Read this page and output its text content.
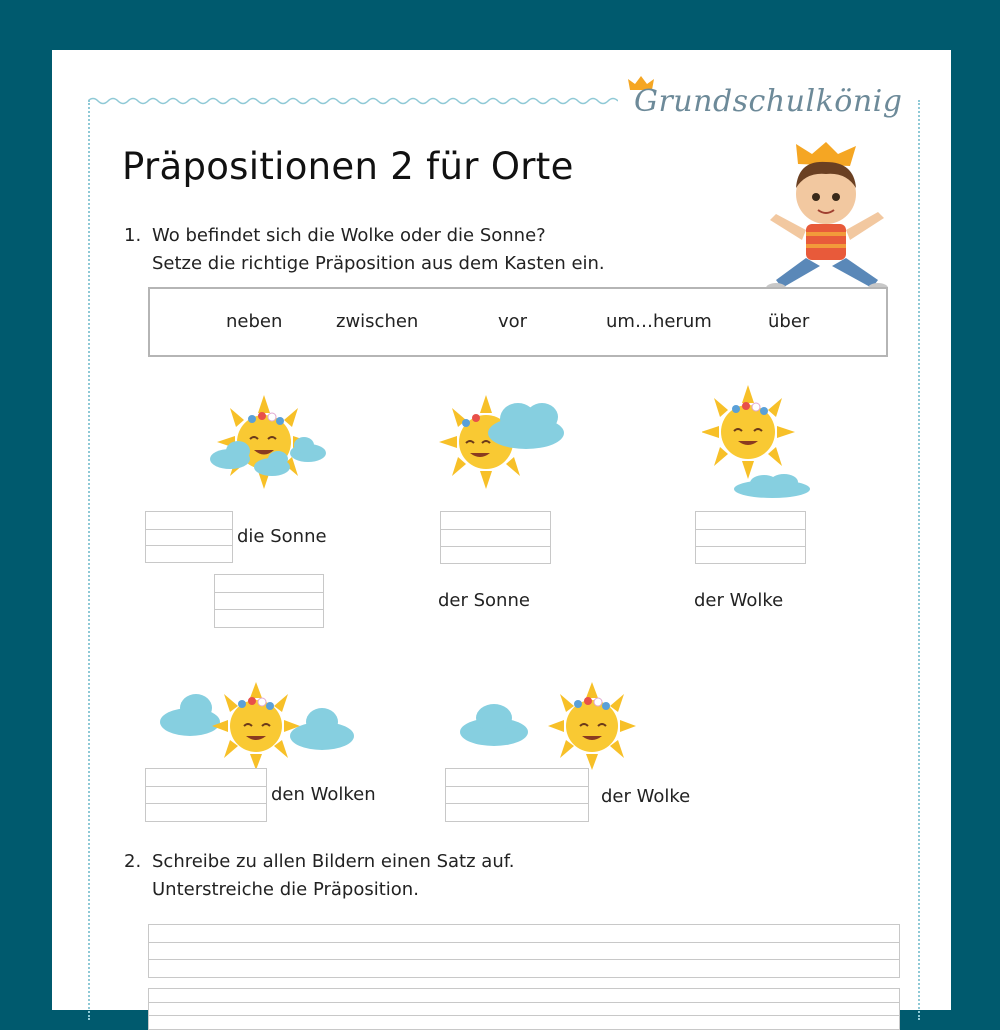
Grundschulkönig
Präpositionen 2 für Orte
1. Wo befindet sich die Wolke oder die Sonne?
Setze die richtige Präposition aus dem Kasten ein.
neben	zwischen	vor	um…herum	über
die Sonne
der Sonne	der Wolke
den Wolken	der Wolke
2. Schreibe zu allen Bildern einen Satz auf.
Unterstreiche die Präposition.
